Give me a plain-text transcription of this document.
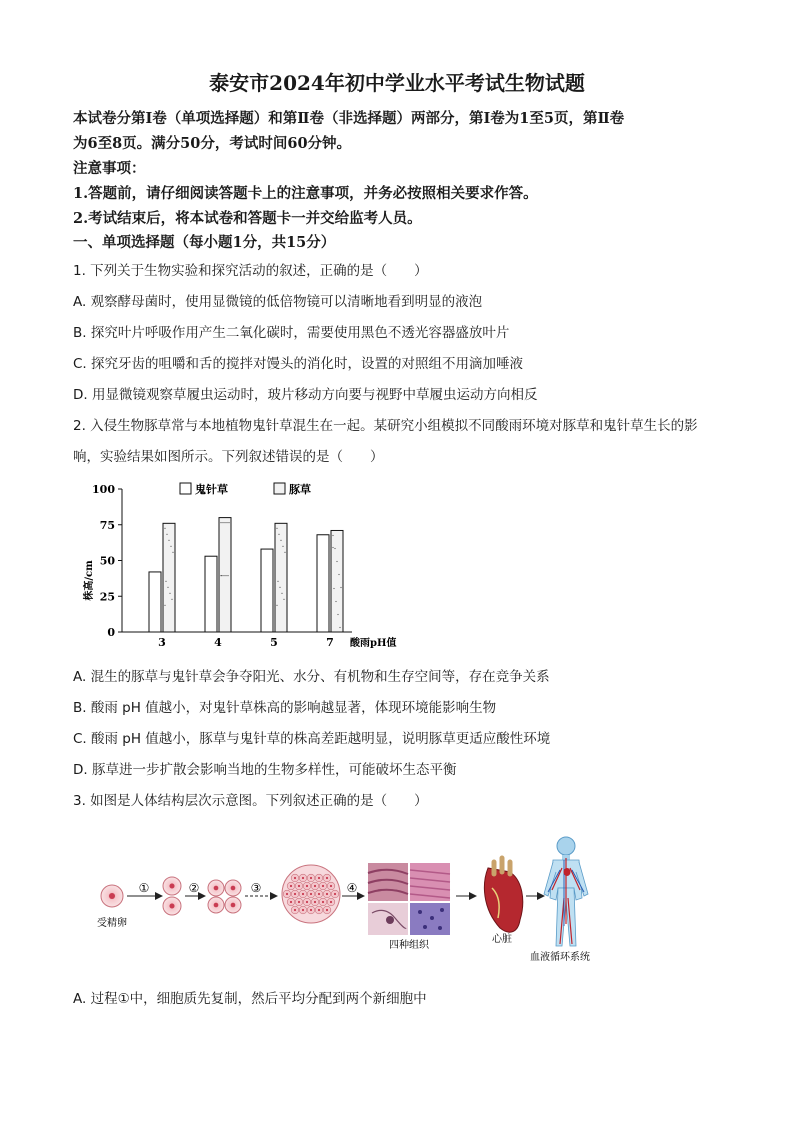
泰安市2024年初中学业水平考试生物试题
本试卷分第Ⅰ卷（单项选择题）和第Ⅱ卷（非选择题）两部分，第Ⅰ卷为1至5页，第Ⅱ卷
为6至8页。满分50分，考试时间60分钟。
注意事项：
1.答题前，请仔细阅读答题卡上的注意事项，并务必按照相关要求作答。
2.考试结束后，将本试卷和答题卡一并交给监考人员。
一、单项选择题（每小题1分，共15分）
1. 下列关于生物实验和探究活动的叙述，正确的是（　　）
A. 观察酵母菌时，使用显微镜的低倍物镜可以清晰地看到明显的液泡
B. 探究叶片呼吸作用产生二氧化碳时，需要使用黑色不透光容器盛放叶片
C. 探究牙齿的咀嚼和舌的搅拌对馒头的消化时，设置的对照组不用滴加唾液
D. 用显微镜观察草履虫运动时，玻片移动方向要与视野中草履虫运动方向相反
2. 入侵生物豚草常与本地植物鬼针草混生在一起。某研究小组模拟不同酸雨环境对豚草和鬼针草生长的影
响，实验结果如图所示。下列叙述错误的是（　　）
100
75
50
25
0
株高/cm
3	4	5	7 酸雨pH值
鬼针草	豚草
A. 混生的豚草与鬼针草会争夺阳光、水分、有机物和生存空间等，存在竞争关系
B. 酸雨 pH 值越小，对鬼针草株高的影响越显著，体现环境能影响生物
C. 酸雨 pH 值越小，豚草与鬼针草的株高差距越明显，说明豚草更适应酸性环境
D. 豚草进一步扩散会影响当地的生物多样性，可能破坏生态平衡
3. 如图是人体结构层次示意图。下列叙述正确的是（　　）
受精卵
①	②	③	④
四种组织
心脏
血液循环系统
A. 过程①中，细胞质先复制，然后平均分配到两个新细胞中
